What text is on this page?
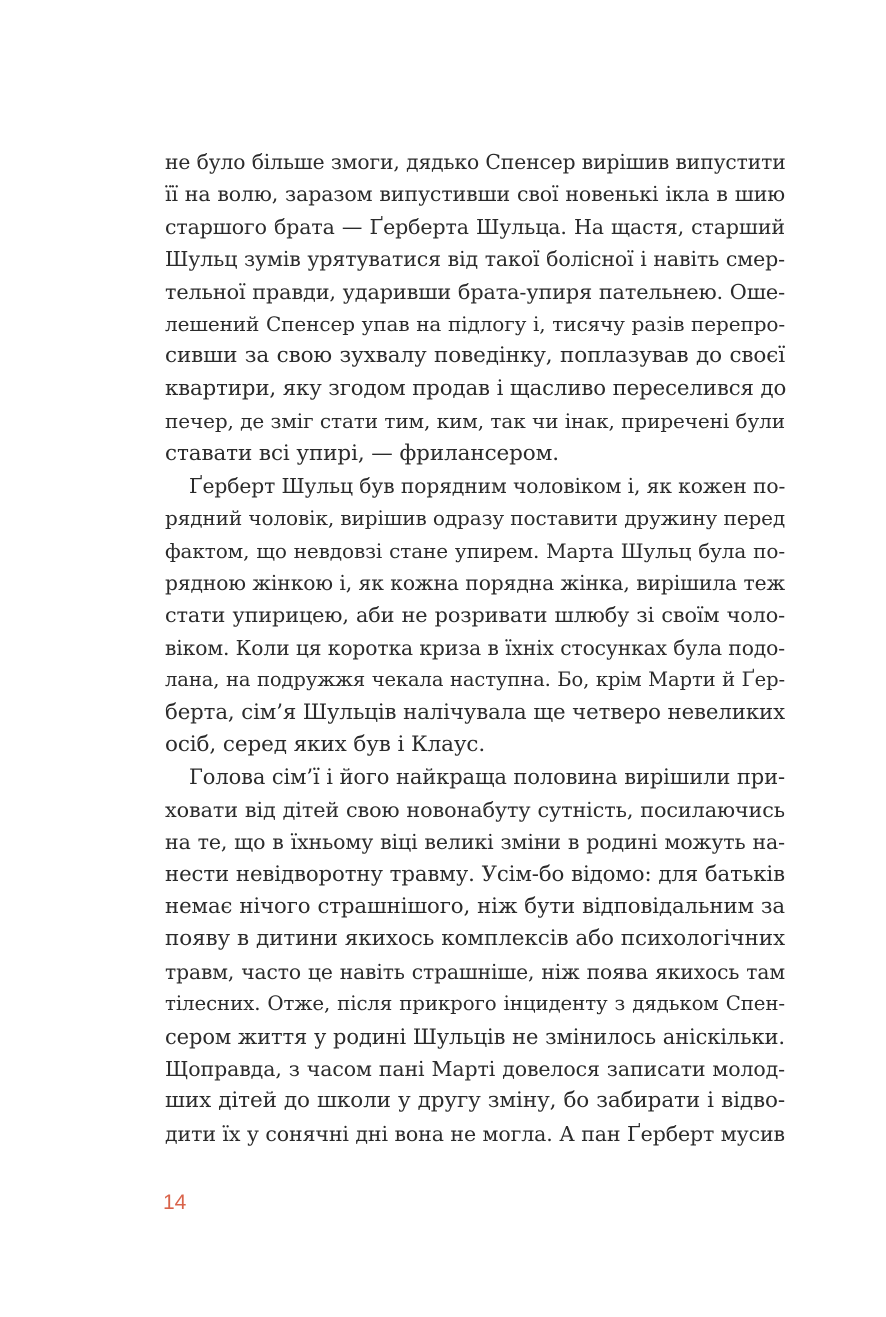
не було більше змоги, дядько Спенсер вирішив випустити
її на волю, заразом випустивши свої новенькі ікла в шию
старшого брата — Ґерберта Шульца. На щастя, старший
Шульц зумів урятуватися від такої болісної і навіть смер-
тельної правди, ударивши брата-упиря пательнею. Оше-
лешений Спенсер упав на підлогу і, тисячу разів перепро-
сивши за свою зухвалу поведінку, поплазував до своєї
квартири, яку згодом продав і щасливо переселився до
печер, де зміг стати тим, ким, так чи інак, приречені були
ставати всі упирі, — фрилансером.
Ґерберт Шульц був порядним чоловіком і, як кожен по-
рядний чоловік, вирішив одразу поставити дружину перед
фактом, що невдовзі стане упирем. Марта Шульц була по-
рядною жінкою і, як кожна порядна жінка, вирішила теж
стати упирицею, аби не розривати шлюбу зі своїм чоло-
віком. Коли ця коротка криза в їхніх стосунках була подо-
лана, на подружжя чекала наступна. Бо, крім Марти й Ґер-
берта, сім’я Шульців налічувала ще четверо невеликих
осіб, серед яких був і Клаус.
Голова сім’ї і його найкраща половина вирішили при-
ховати від дітей свою новонабуту сутність, посилаючись
на те, що в їхньому віці великі зміни в родині можуть на-
нести невідворотну травму. Усім-бо відомо: для батьків
немає нічого страшнішого, ніж бути відповідальним за
появу в дитини якихось комплексів або психологічних
травм, часто це навіть страшніше, ніж поява якихось там
тілесних. Отже, після прикрого інциденту з дядьком Спен-
сером життя у родині Шульців не змінилось аніскільки.
Щоправда, з часом пані Марті довелося записати молод-
ших дітей до школи у другу зміну, бо забирати і відво-
дити їх у сонячні дні вона не могла. А пан Ґерберт мусив
14
